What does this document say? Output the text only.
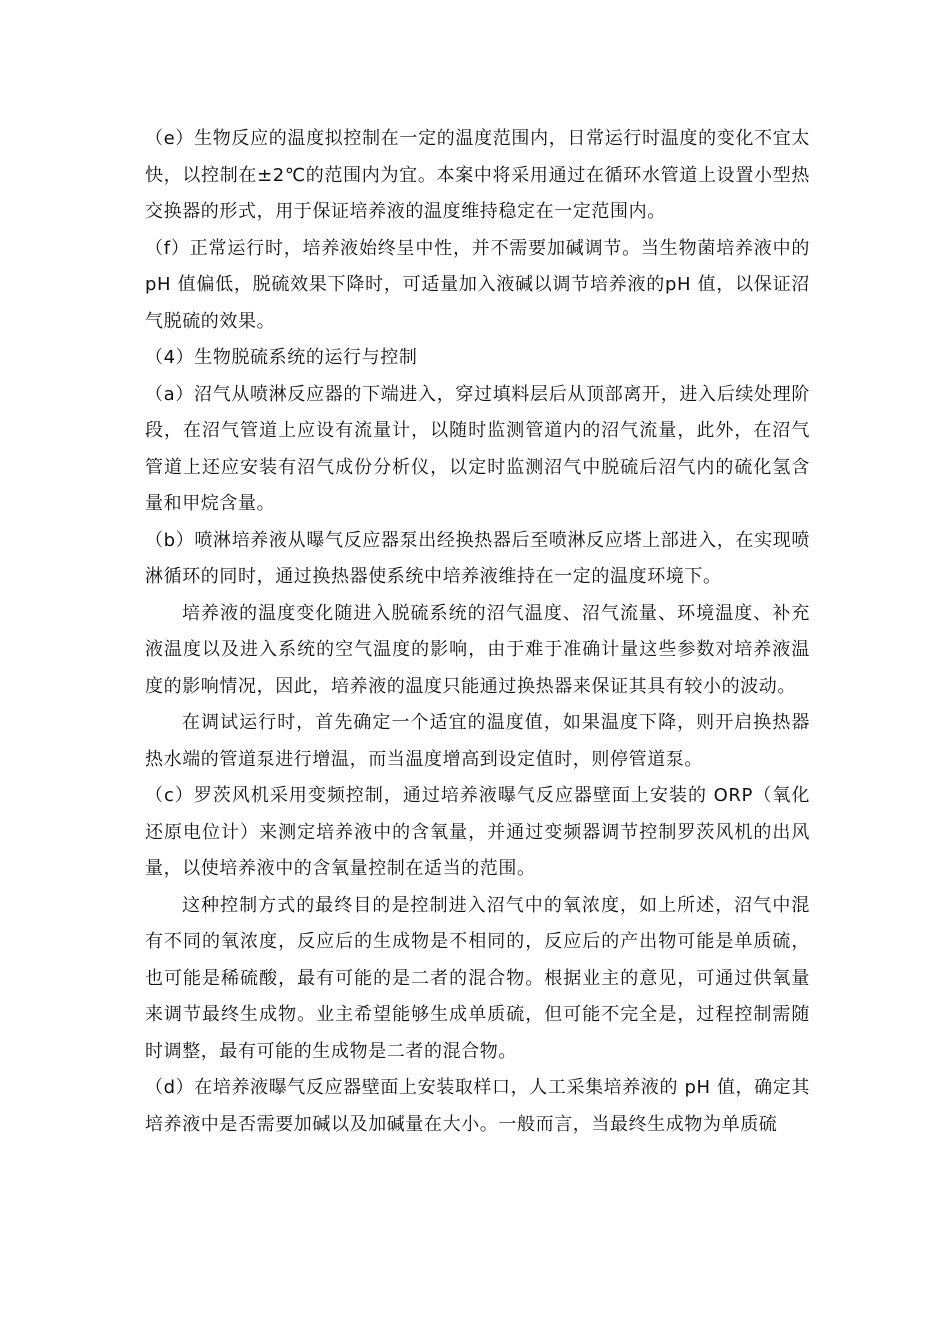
（e）生物反应的温度拟控制在一定的温度范围内，日常运行时温度的变化不宜太快，以控制在±2℃的范围内为宜。本案中将采用通过在循环水管道上设置小型热交换器的形式，用于保证培养液的温度维持稳定在一定范围内。

（f）正常运行时，培养液始终呈中性，并不需要加碱调节。当生物菌培养液中的 pH 值偏低，脱硫效果下降时，可适量加入液碱以调节培养液的pH 值，以保证沼气脱硫的效果。

（4）生物脱硫系统的运行与控制

（a）沼气从喷淋反应器的下端进入，穿过填料层后从顶部离开，进入后续处理阶段，在沼气管道上应设有流量计，以随时监测管道内的沼气流量，此外，在沼气管道上还应安装有沼气成份分析仪，以定时监测沼气中脱硫后沼气内的硫化氢含量和甲烷含量。

（b）喷淋培养液从曝气反应器泵出经换热器后至喷淋反应塔上部进入，在实现喷淋循环的同时，通过换热器使系统中培养液维持在一定的温度环境下。

培养液的温度变化随进入脱硫系统的沼气温度、沼气流量、环境温度、补充液温度以及进入系统的空气温度的影响，由于难于准确计量这些参数对培养液温度的影响情况，因此，培养液的温度只能通过换热器来保证其具有较小的波动。

在调试运行时，首先确定一个适宜的温度值，如果温度下降，则开启换热器热水端的管道泵进行增温，而当温度增高到设定值时，则停管道泵。

（c）罗茨风机采用变频控制，通过培养液曝气反应器壁面上安装的 ORP（氧化还原电位计）来测定培养液中的含氧量，并通过变频器调节控制罗茨风机的出风量，以使培养液中的含氧量控制在适当的范围。

这种控制方式的最终目的是控制进入沼气中的氧浓度，如上所述，沼气中混有不同的氧浓度，反应后的生成物是不相同的，反应后的产出物可能是单质硫，也可能是稀硫酸，最有可能的是二者的混合物。根据业主的意见，可通过供氧量来调节最终生成物。业主希望能够生成单质硫，但可能不完全是，过程控制需随时调整，最有可能的生成物是二者的混合物。

（d）在培养液曝气反应器壁面上安装取样口，人工采集培养液的 pH 值，确定其培养液中是否需要加碱以及加碱量在大小。一般而言，当最终生成物为单质硫
